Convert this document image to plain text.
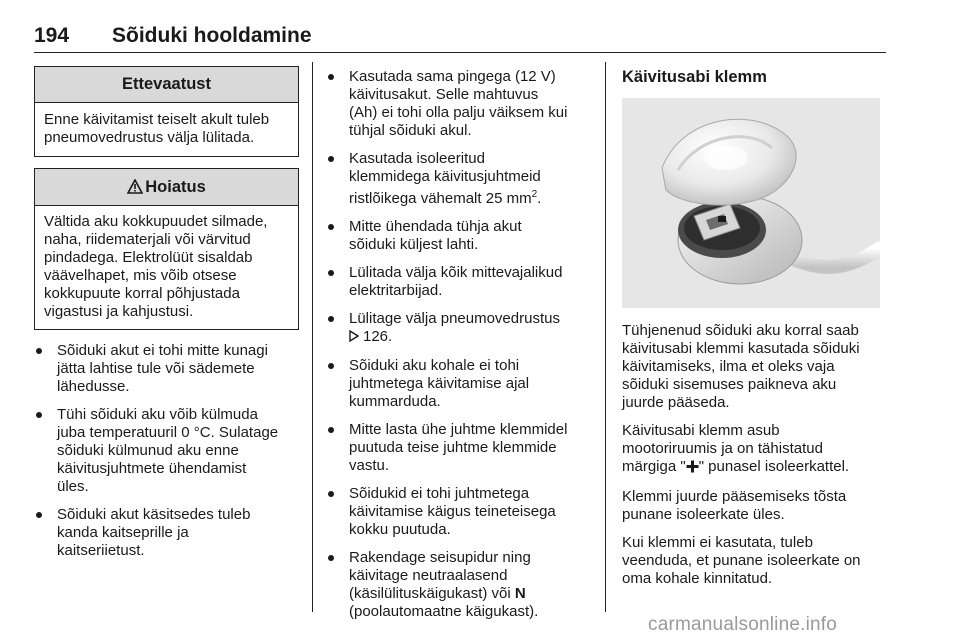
194 Sõiduki hooldamine
Ettevaatust
Enne käivitamist teiselt akult tuleb
pneumovedrustus välja lülitada.
Hoiatus
Vältida aku kokkupuudet silmade,
naha, riidematerjali või värvitud
pindadega. Elektrolüüt sisaldab
väävelhapet, mis võib otsese
kokkupuute korral põhjustada
vigastusi ja kahjustusi.
Sõiduki akut ei tohi mitte kunagi
jätta lahtise tule või sädemete
lähedusse.
Tühi sõiduki aku võib külmuda
juba temperatuuril 0 °C. Sulatage
sõiduki külmunud aku enne
käivitusjuhtmete ühendamist
üles.
Sõiduki akut käsitsedes tuleb
kanda kaitseprille ja
kaitseriietust.
Kasutada sama pingega (12 V)
käivitusakut. Selle mahtuvus
(Ah) ei tohi olla palju väiksem kui
tühjal sõiduki akul.
Kasutada isoleeritud
klemmidega käivitusjuhtmeid
ristlõikega vähemalt 25 $mm^2$.
Mitte ühendada tühja akut
sõiduki küljest lahti.
Lülitada välja kõik mittevajalikud
elektritarbijad.
Lülitage välja pneumovedrustus
126.
Sõiduki aku kohale ei tohi
juhtmetega käivitamise ajal
kummarduda.
Mitte lasta ühe juhtme klemmidel
puutuda teise juhtme klemmide
vastu.
Sõidukid ei tohi juhtmetega
käivitamise käigus teineteisega
kokku puutuda.
Rakendage seisupidur ning
käivitage neutraalasend
(käsilülituskäigukast) või N
(poolautomaatne käigukast).
Käivitusabi klemm

Tühjenenud sõiduki aku korral saab
käivitusabi klemmi kasutada sõiduki
käivitamiseks, ilma et oleks vaja
sõiduki sisemuses paikneva aku
juurde pääseda.

Käivitusabi klemm asub
mootoriruumis ja on tähistatud
märgiga " " punasel isoleerkattel.

Klemmi juurde pääsemiseks tõsta
punane isoleerkate üles.

Kui klemmi ei kasutata, tuleb
veenduda, et punane isoleerkate on
oma kohale kinnitatud.

carmanualsonline.info
